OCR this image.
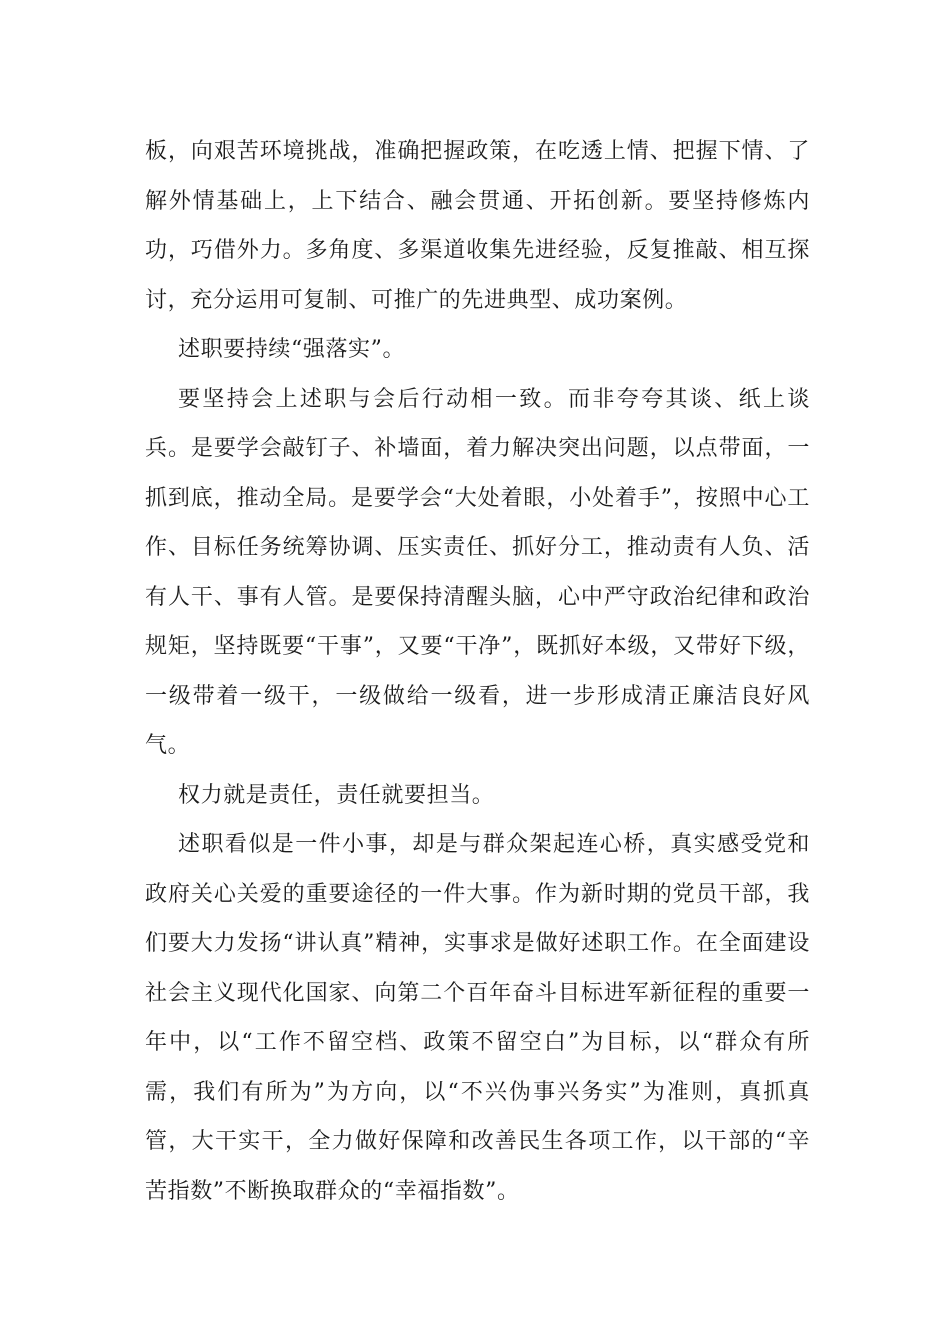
板，向艰苦环境挑战，准确把握政策，在吃透上情、把握下情、了解外情基础上，上下结合、融会贯通、开拓创新。要坚持修炼内功，巧借外力。多角度、多渠道收集先进经验，反复推敲、相互探讨，充分运用可复制、可推广的先进典型、成功案例。

述职要持续“强落实”。

要坚持会上述职与会后行动相一致。而非夸夸其谈、纸上谈兵。是要学会敲钉子、补墙面，着力解决突出问题，以点带面，一抓到底，推动全局。是要学会“大处着眼，小处着手”，按照中心工作、目标任务统筹协调、压实责任、抓好分工，推动责有人负、活有人干、事有人管。是要保持清醒头脑，心中严守政治纪律和政治规矩，坚持既要“干事”，又要“干净”，既抓好本级，又带好下级，一级带着一级干，一级做给一级看，进一步形成清正廉洁良好风气。

权力就是责任，责任就要担当。

述职看似是一件小事，却是与群众架起连心桥，真实感受党和政府关心关爱的重要途径的一件大事。作为新时期的党员干部，我们要大力发扬“讲认真”精神，实事求是做好述职工作。在全面建设社会主义现代化国家、向第二个百年奋斗目标进军新征程的重要一年中，以“工作不留空档、政策不留空白”为目标，以“群众有所需，我们有所为”为方向，以“不兴伪事兴务实”为准则，真抓真管，大干实干，全力做好保障和改善民生各项工作，以干部的“辛苦指数”不断换取群众的“幸福指数”。
